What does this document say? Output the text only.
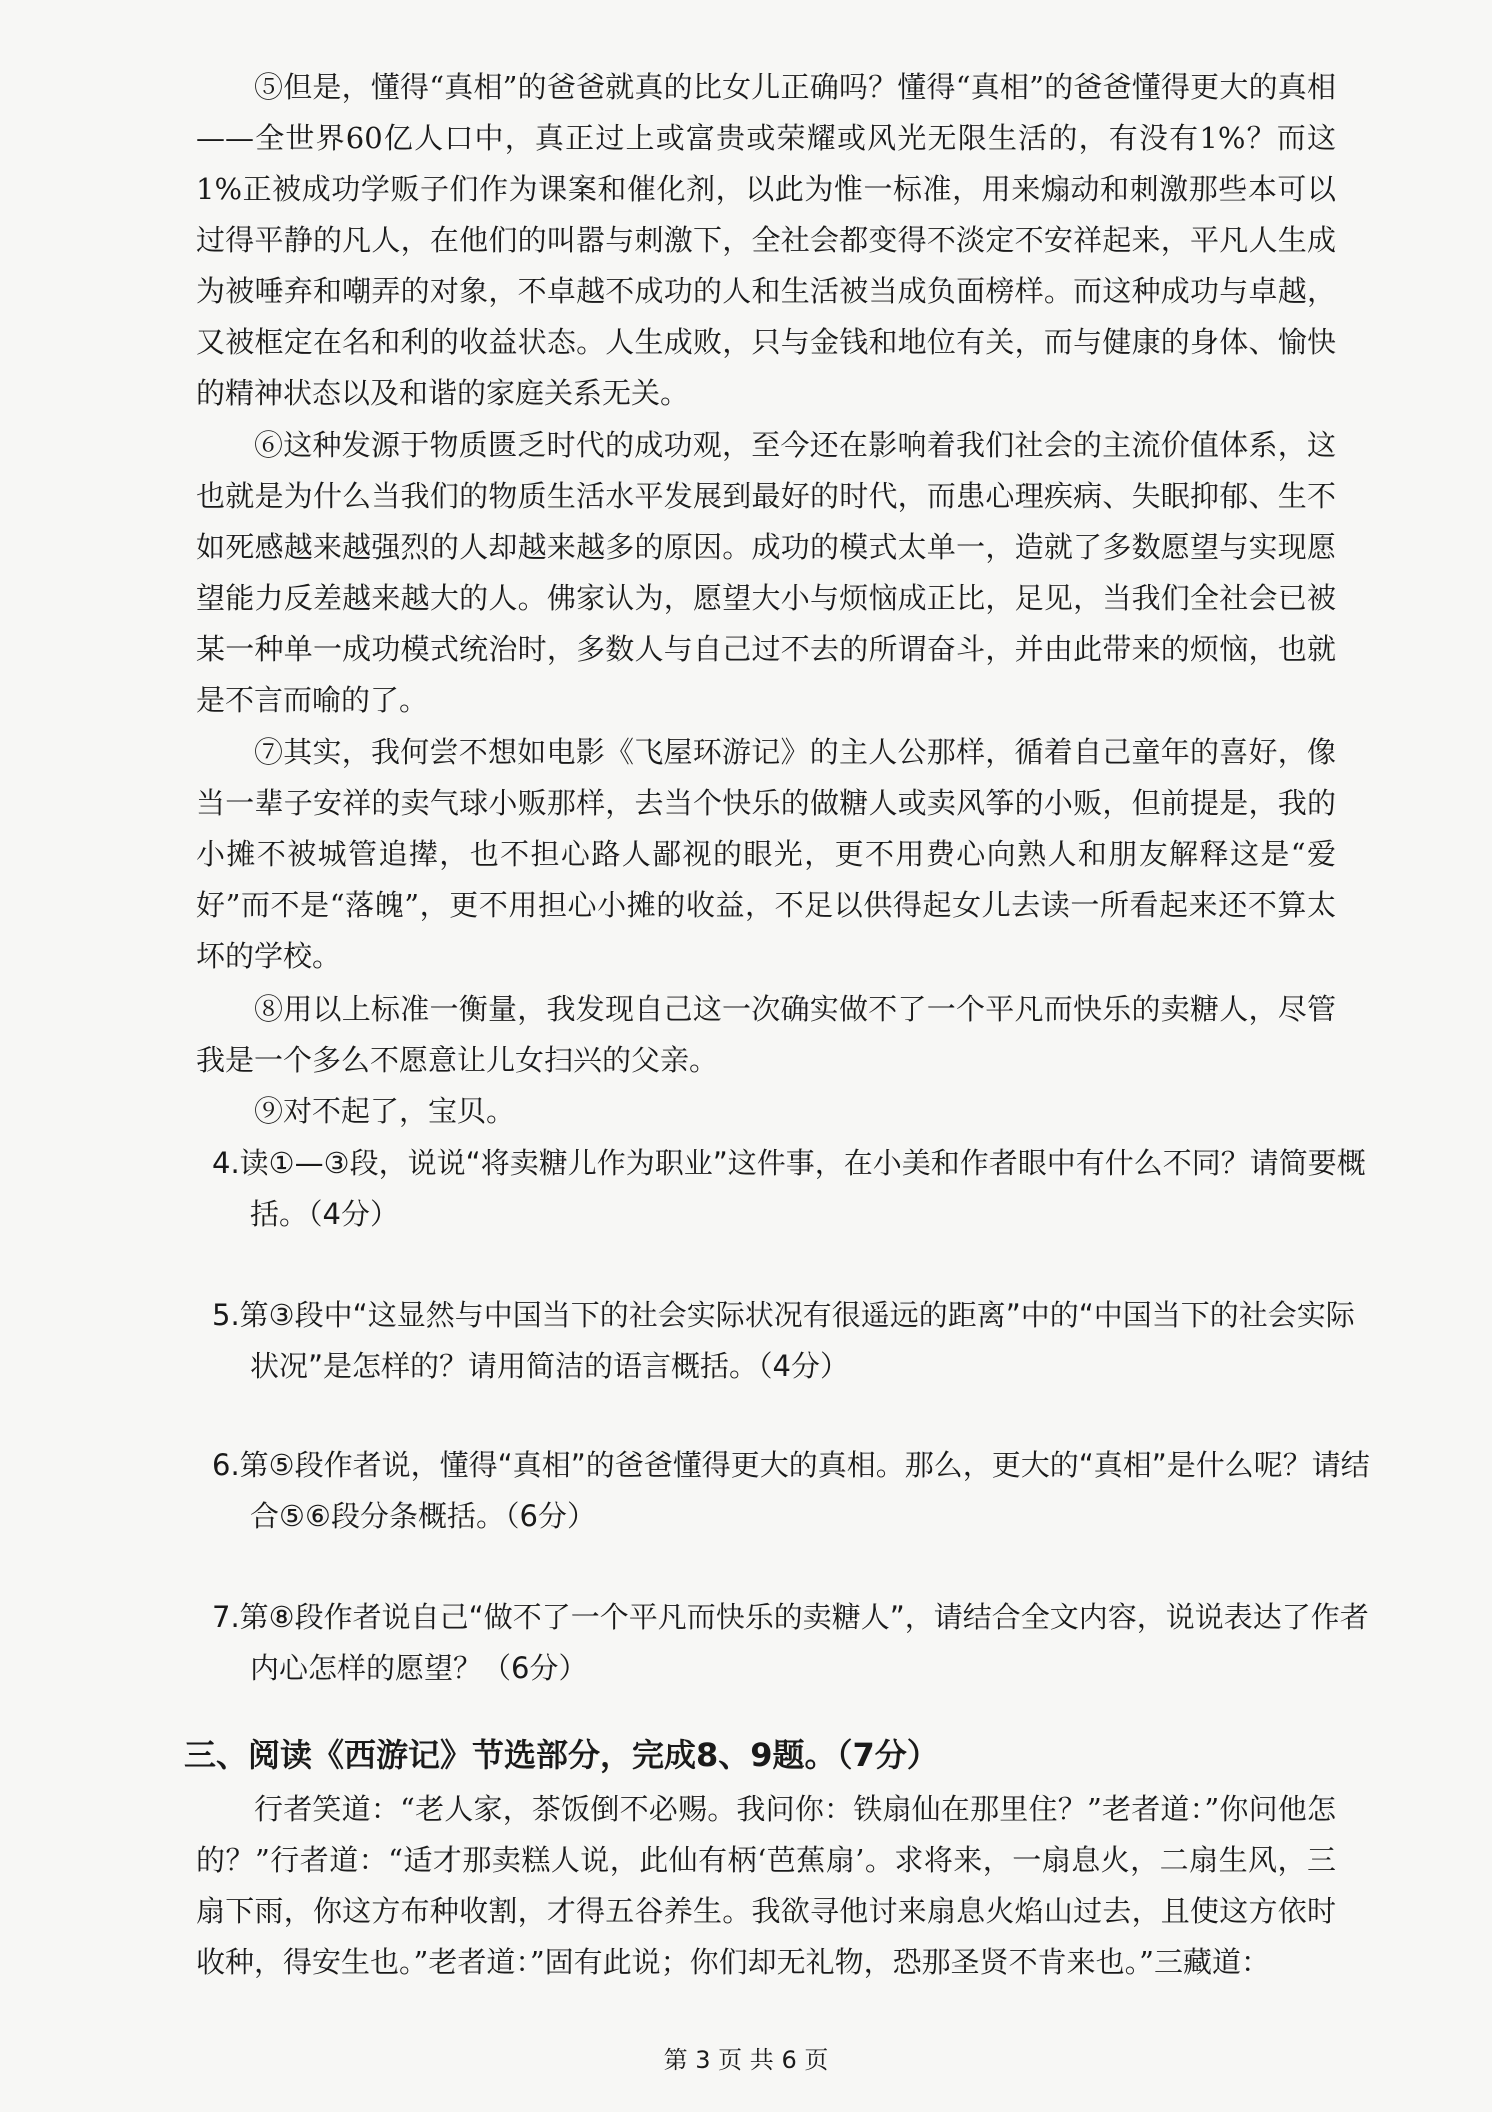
⑤但是，懂得“真相”的爸爸就真的比女儿正确吗？懂得“真相”的爸爸懂得更大的真相——全世界60亿人口中，真正过上或富贵或荣耀或风光无限生活的，有没有1%？而这1%正被成功学贩子们作为课案和催化剂，以此为惟一标准，用来煽动和刺激那些本可以过得平静的凡人，在他们的叫嚣与刺激下，全社会都变得不淡定不安祥起来，平凡人生成为被唾弃和嘲弄的对象，不卓越不成功的人和生活被当成负面榜样。而这种成功与卓越，又被框定在名和利的收益状态。人生成败，只与金钱和地位有关，而与健康的身体、愉快的精神状态以及和谐的家庭关系无关。

⑥这种发源于物质匮乏时代的成功观，至今还在影响着我们社会的主流价值体系，这也就是为什么当我们的物质生活水平发展到最好的时代，而患心理疾病、失眠抑郁、生不如死感越来越强烈的人却越来越多的原因。成功的模式太单一，造就了多数愿望与实现愿望能力反差越来越大的人。佛家认为，愿望大小与烦恼成正比，足见，当我们全社会已被某一种单一成功模式统治时，多数人与自己过不去的所谓奋斗，并由此带来的烦恼，也就是不言而喻的了。

⑦其实，我何尝不想如电影《飞屋环游记》的主人公那样，循着自己童年的喜好，像当一辈子安祥的卖气球小贩那样，去当个快乐的做糖人或卖风筝的小贩，但前提是，我的小摊不被城管追撵，也不担心路人鄙视的眼光，更不用费心向熟人和朋友解释这是“爱好”而不是“落魄”，更不用担心小摊的收益，不足以供得起女儿去读一所看起来还不算太坏的学校。

⑧用以上标准一衡量，我发现自己这一次确实做不了一个平凡而快乐的卖糖人，尽管我是一个多么不愿意让儿女扫兴的父亲。

⑨对不起了，宝贝。

4.读①—③段，说说“将卖糖儿作为职业”这件事，在小美和作者眼中有什么不同？请简要概括。（4分）

5.第③段中“这显然与中国当下的社会实际状况有很遥远的距离”中的“中国当下的社会实际状况”是怎样的？请用简洁的语言概括。（4分）

6.第⑤段作者说，懂得“真相”的爸爸懂得更大的真相。那么，更大的“真相”是什么呢？请结合⑤⑥段分条概括。（6分）

7.第⑧段作者说自己“做不了一个平凡而快乐的卖糖人”，请结合全文内容，说说表达了作者内心怎样的愿望？（6分）

三、阅读《西游记》节选部分，完成8、9题。（7分）

行者笑道：“老人家，茶饭倒不必赐。我问你：铁扇仙在那里住？”老者道：”你问他怎的？”行者道：“适才那卖糕人说，此仙有柄‘芭蕉扇’。求将来，一扇息火，二扇生风，三扇下雨，你这方布种收割，才得五谷养生。我欲寻他讨来扇息火焰山过去，且使这方依时收种，得安生也。”老者道：”固有此说；你们却无礼物，恐那圣贤不肯来也。”三藏道：

第 3 页 共 6 页
